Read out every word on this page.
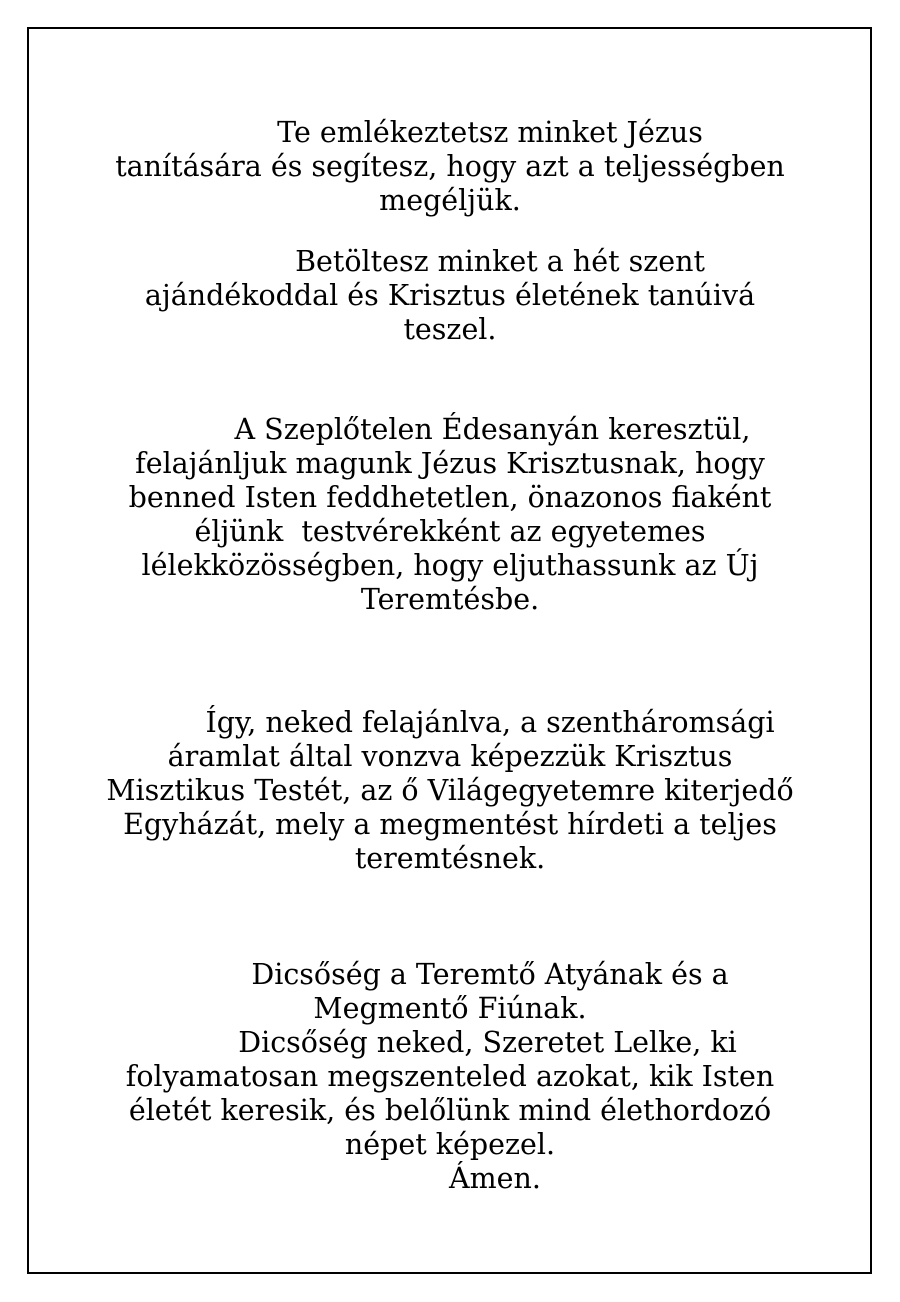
Te emlékeztetsz minket Jézus
tanítására és segítesz, hogy azt a teljességben
megéljük.
Betöltesz minket a hét szent
ajándékoddal és Krisztus életének tanúivá
teszel.
A Szeplőtelen Édesanyán keresztül,
felajánljuk magunk Jézus Krisztusnak, hogy
benned Isten feddhetetlen, önazonos fiaként
éljünk  testvérekként az egyetemes
lélekközösségben, hogy eljuthassunk az Új
Teremtésbe.
Így, neked felajánlva, a szentháromsági
áramlat által vonzva képezzük Krisztus
Misztikus Testét, az ő Világegyetemre kiterjedő
Egyházát, mely a megmentést hírdeti a teljes
teremtésnek.
Dicsőség a Teremtő Atyának és a
Megmentő Fiúnak.
Dicsőség neked, Szeretet Lelke, ki
folyamatosan megszenteled azokat, kik Isten
életét keresik, és belőlünk mind élethordozó
népet képezel.
Ámen.
